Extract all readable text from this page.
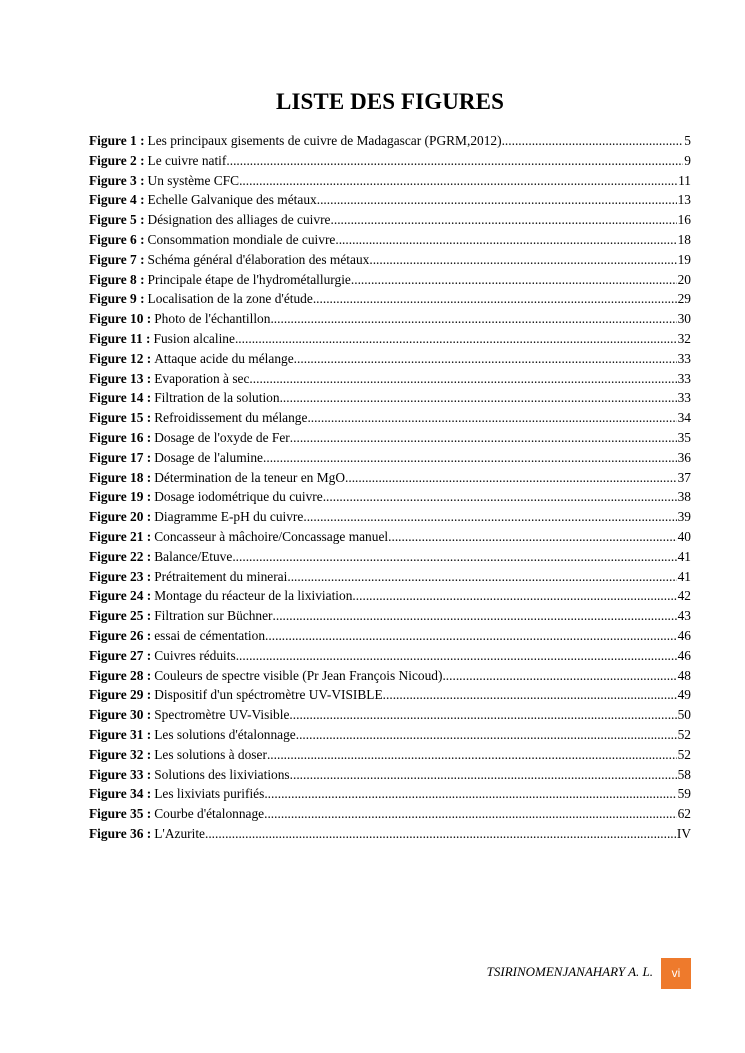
LISTE DES FIGURES
Figure 1 : Les principaux gisements de cuivre de Madagascar (PGRM,2012) .....	5
Figure 2 : Le cuivre natif .....	9
Figure 3 : Un système CFC .....	11
Figure 4 : Echelle Galvanique des métaux .....	13
Figure 5 : Désignation des alliages de cuivre .....	16
Figure 6 : Consommation mondiale de cuivre .....	18
Figure 7 : Schéma général d'élaboration des métaux .....	19
Figure 8 : Principale étape de l'hydrométallurgie .....	20
Figure 9 : Localisation de la zone d'étude .....	29
Figure 10 : Photo de l'échantillon .....	30
Figure 11 : Fusion alcaline .....	32
Figure 12 : Attaque acide du mélange .....	33
Figure 13 : Evaporation à sec .....	33
Figure 14 : Filtration de la solution .....	33
Figure 15 : Refroidissement du mélange .....	34
Figure 16 : Dosage de l'oxyde de Fer .....	35
Figure 17 : Dosage de l'alumine .....	36
Figure 18 : Détermination de la teneur en MgO .....	37
Figure 19 : Dosage iodométrique du cuivre .....	38
Figure 20 : Diagramme E-pH du cuivre .....	39
Figure 21 : Concasseur à mâchoire/Concassage manuel .....	40
Figure 22 : Balance/Etuve .....	41
Figure 23 : Prétraitement du minerai .....	41
Figure 24 : Montage du réacteur de la lixiviation .....	42
Figure 25 : Filtration sur Büchner .....	43
Figure 26 : essai de cémentation .....	46
Figure 27 : Cuivres réduits .....	46
Figure 28 : Couleurs de spectre visible (Pr Jean François Nicoud) .....	48
Figure 29 : Dispositif d'un spéctromètre UV-VISIBLE .....	49
Figure 30 : Spectromètre UV-Visible .....	50
Figure 31 : Les solutions d'étalonnage .....	52
Figure 32 : Les solutions à doser .....	52
Figure 33 : Solutions des lixiviations .....	58
Figure 34 : Les lixiviats purifiés .....	59
Figure 35 : Courbe d'étalonnage .....	62
Figure 36 : L'Azurite .....	IV
TSIRINOMENJANAHARY A. L.	vi
